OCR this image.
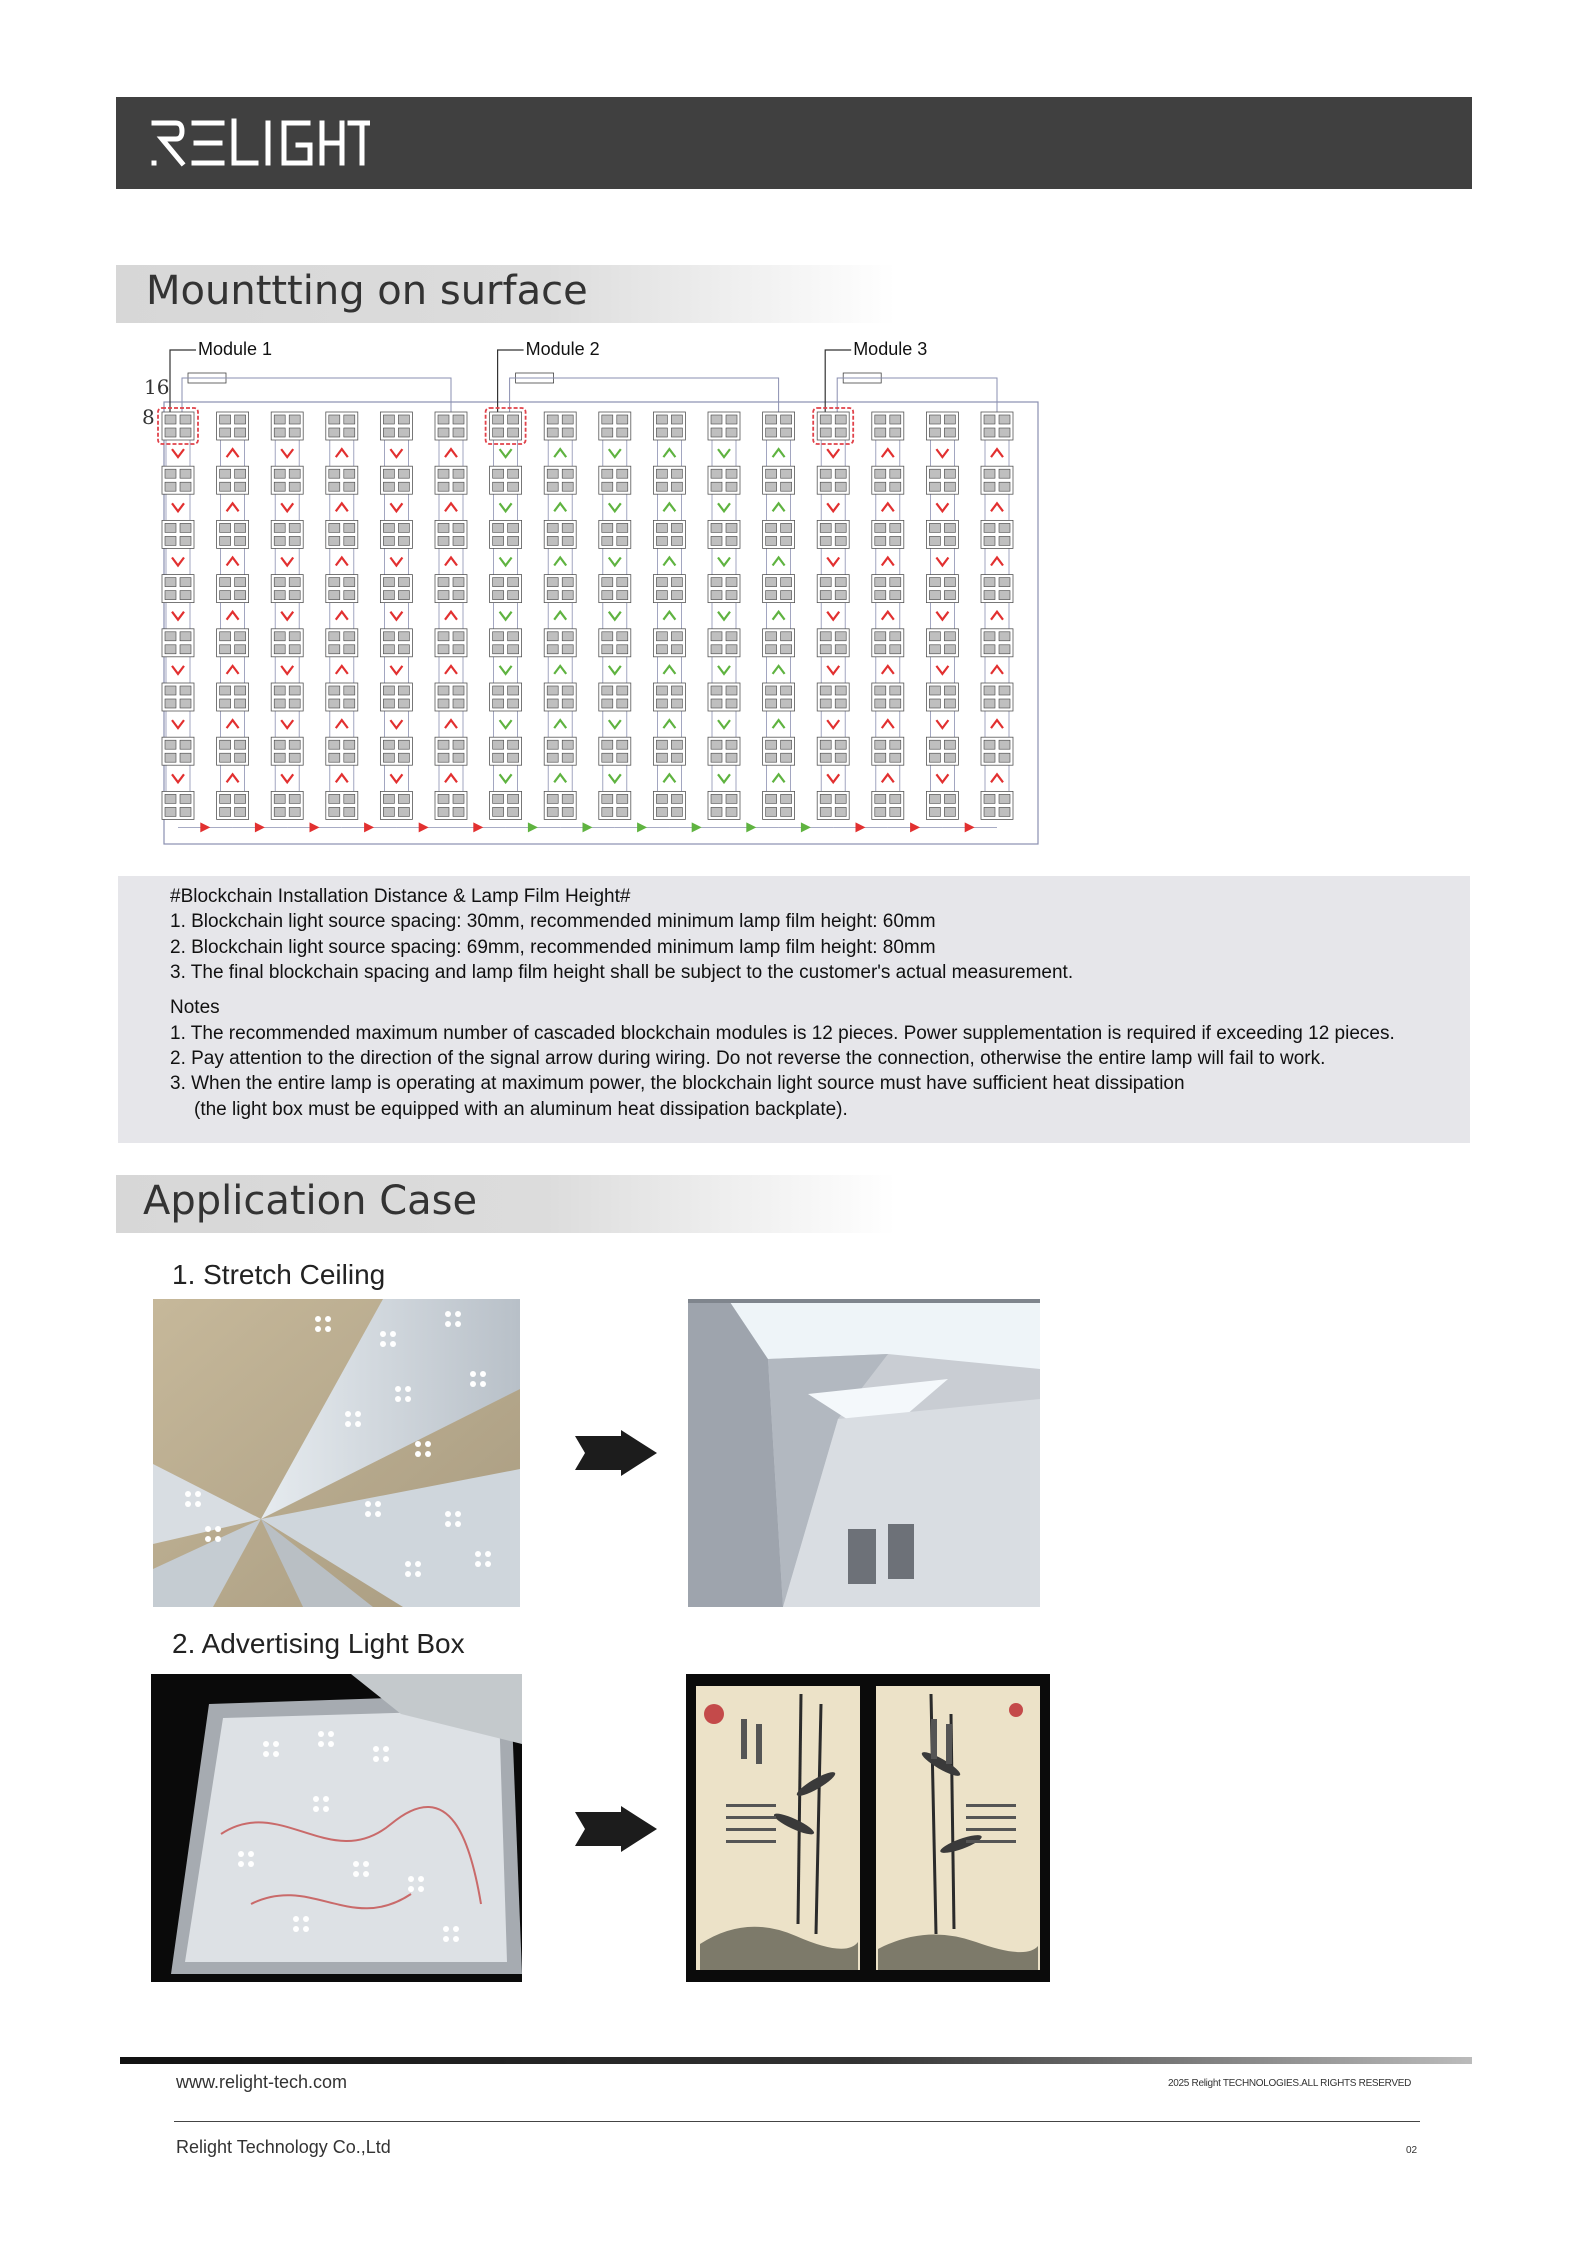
Mounttting on surface
Module 1	Module 2	Module 3
16
8
#Blockchain Installation Distance & Lamp Film Height#
1. Blockchain light source spacing: 30mm, recommended minimum lamp film height: 60mm
2. Blockchain light source spacing: 69mm, recommended minimum lamp film height: 80mm
3. The final blockchain spacing and lamp film height shall be subject to the customer's actual measurement.
Notes
1. The recommended maximum number of cascaded blockchain modules is 12 pieces. Power supplementation is required if exceeding 12 pieces.
2. Pay attention to the direction of the signal arrow during wiring. Do not reverse the connection, otherwise the entire lamp will fail to work.
3. When the entire lamp is operating at maximum power, the blockchain light source must have sufficient heat dissipation
(the light box must be equipped with an aluminum heat dissipation backplate).
Application Case
1. Stretch Ceiling
2. Advertising Light Box
www.relight-tech.com	2025 Relight TECHNOLOGIES.ALL RIGHTS RESERVED
Relight Technology Co.,Ltd	02
